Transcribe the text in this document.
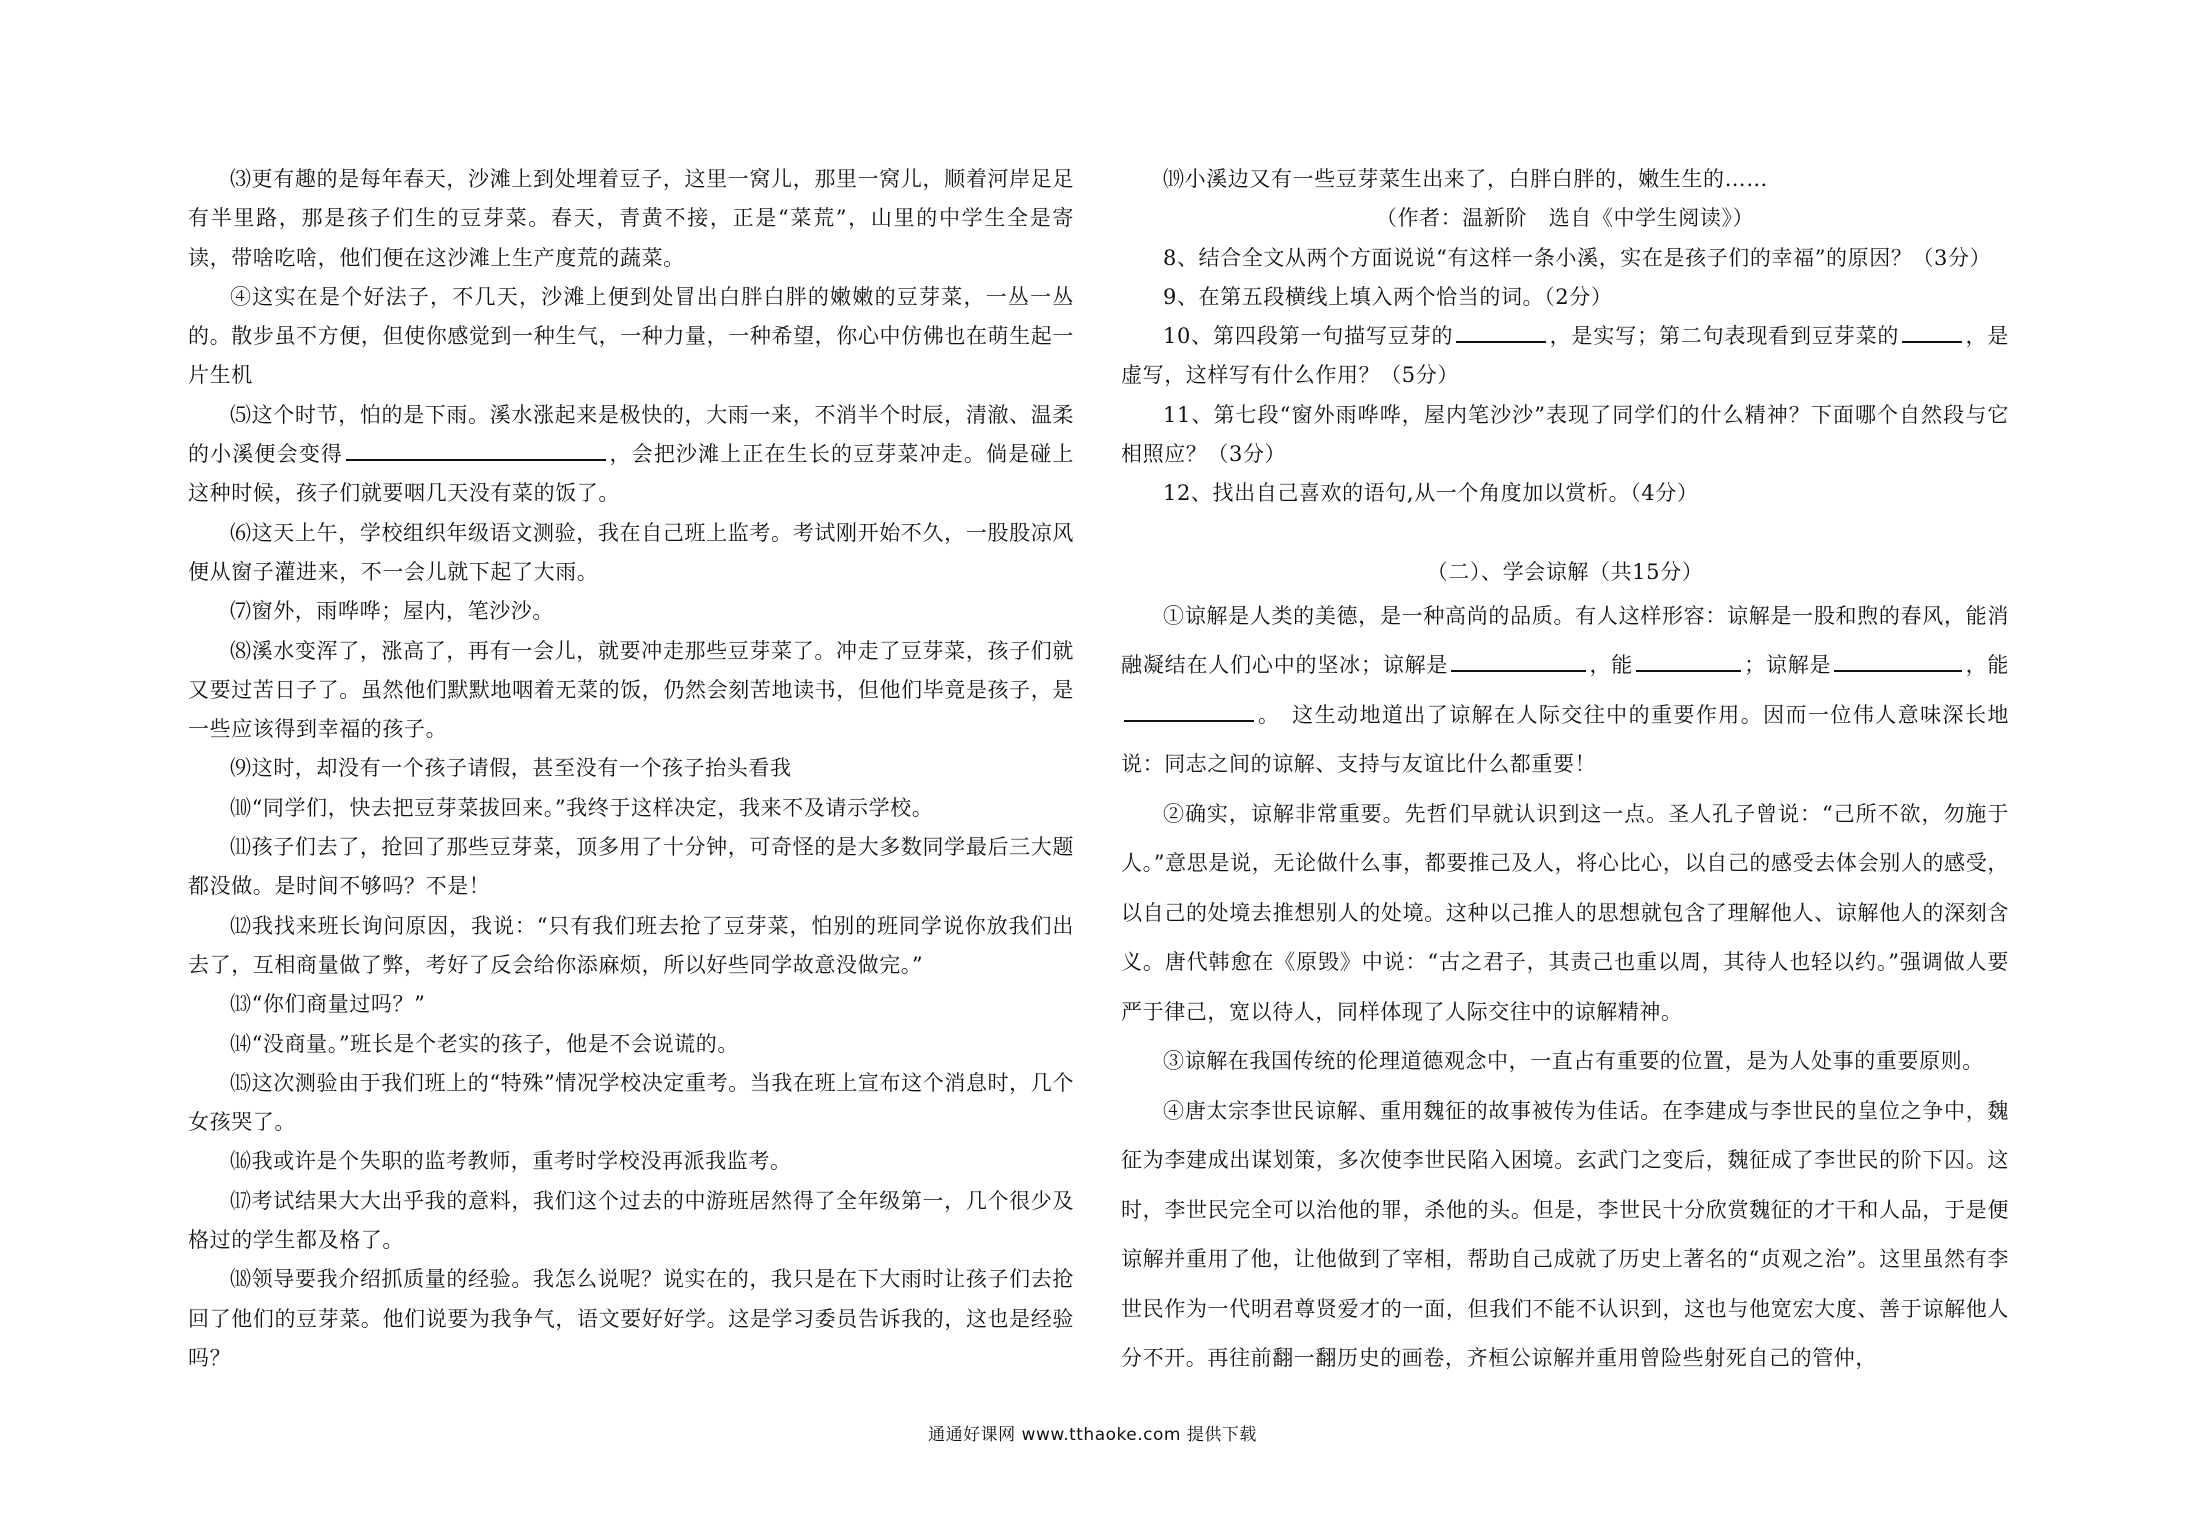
⑶更有趣的是每年春天，沙滩上到处埋着豆子，这里一窝儿，那里一窝儿，顺着河岸足足有半里路，那是孩子们生的豆芽菜。春天，青黄不接，正是“菜荒”，山里的中学生全是寄读，带啥吃啥，他们便在这沙滩上生产度荒的蔬菜。

④这实在是个好法子，不几天，沙滩上便到处冒出白胖白胖的嫩嫩的豆芽菜，一丛一丛的。散步虽不方便，但使你感觉到一种生气，一种力量，一种希望，你心中仿佛也在萌生起一片生机

⑸这个时节，怕的是下雨。溪水涨起来是极快的，大雨一来，不消半个时辰，清澈、温柔的小溪便会变得	，会把沙滩上正在生长的豆芽菜冲走。倘是碰上这种时候，孩子们就要咽几天没有菜的饭了。

⑹这天上午，学校组织年级语文测验，我在自己班上监考。考试刚开始不久，一股股凉风便从窗子灌进来，不一会儿就下起了大雨。

⑺窗外，雨哗哗；屋内，笔沙沙。

⑻溪水变浑了，涨高了，再有一会儿，就要冲走那些豆芽菜了。冲走了豆芽菜，孩子们就又要过苦日子了。虽然他们默默地咽着无菜的饭，仍然会刻苦地读书，但他们毕竟是孩子，是一些应该得到幸福的孩子。

⑼这时，却没有一个孩子请假，甚至没有一个孩子抬头看我

⑽“同学们，快去把豆芽菜拔回来。”我终于这样决定，我来不及请示学校。

⑾孩子们去了，抢回了那些豆芽菜，顶多用了十分钟，可奇怪的是大多数同学最后三大题都没做。是时间不够吗？不是！

⑿我找来班长询问原因，我说：“只有我们班去抢了豆芽菜，怕别的班同学说你放我们出去了，互相商量做了弊，考好了反会给你添麻烦，所以好些同学故意没做完。”

⒀“你们商量过吗？”

⒁“没商量。”班长是个老实的孩子，他是不会说谎的。

⒂这次测验由于我们班上的“特殊”情况学校决定重考。当我在班上宣布这个消息时，几个女孩哭了。

⒃我或许是个失职的监考教师，重考时学校没再派我监考。

⒄考试结果大大出乎我的意料，我们这个过去的中游班居然得了全年级第一，几个很少及格过的学生都及格了。

⒅领导要我介绍抓质量的经验。我怎么说呢？说实在的，我只是在下大雨时让孩子们去抢回了他们的豆芽菜。他们说要为我争气，语文要好好学。这是学习委员告诉我的，这也是经验吗？

⒆小溪边又有一些豆芽菜生出来了，白胖白胖的，嫩生生的……

（作者：温新阶　选自《中学生阅读》）

8、结合全文从两个方面说说“有这样一条小溪，实在是孩子们的幸福”的原因？（3分）

9、在第五段横线上填入两个恰当的词。（2分）

10、第四段第一句描写豆芽的	，是实写；第二句表现看到豆芽菜的	，是虚写，这样写有什么作用？（5分）

11、第七段“窗外雨哗哗，屋内笔沙沙”表现了同学们的什么精神？下面哪个自然段与它相照应？（3分）

12、找出自己喜欢的语句,从一个角度加以赏析。（4分）

（二）、学会谅解（共15分）

①谅解是人类的美德，是一种高尚的品质。有人这样形容：谅解是一股和煦的春风，能消融凝结在人们心中的坚冰；谅解是	，能	；谅解是	，能。　这生动地道出了谅解在人际交往中的重要作用。因而一位伟人意味深长地说：同志之间的谅解、支持与友谊比什么都重要！

②确实，谅解非常重要。先哲们早就认识到这一点。圣人孔子曾说：“己所不欲，勿施于人。”意思是说，无论做什么事，都要推己及人，将心比心，以自己的感受去体会别人的感受，以自己的处境去推想别人的处境。这种以己推人的思想就包含了理解他人、谅解他人的深刻含义。唐代韩愈在《原毁》中说：“古之君子，其责己也重以周，其待人也轻以约。”强调做人要严于律己，宽以待人，同样体现了人际交往中的谅解精神。

③谅解在我国传统的伦理道德观念中，一直占有重要的位置，是为人处事的重要原则。

④唐太宗李世民谅解、重用魏征的故事被传为佳话。在李建成与李世民的皇位之争中，魏征为李建成出谋划策，多次使李世民陷入困境。玄武门之变后，魏征成了李世民的阶下囚。这时，李世民完全可以治他的罪，杀他的头。但是，李世民十分欣赏魏征的才干和人品，于是便谅解并重用了他，让他做到了宰相，帮助自己成就了历史上著名的“贞观之治”。这里虽然有李世民作为一代明君尊贤爱才的一面，但我们不能不认识到，这也与他宽宏大度、善于谅解他人分不开。再往前翻一翻历史的画卷，齐桓公谅解并重用曾险些射死自己的管仲，

通通好课网 www.tthaoke.com 提供下载
